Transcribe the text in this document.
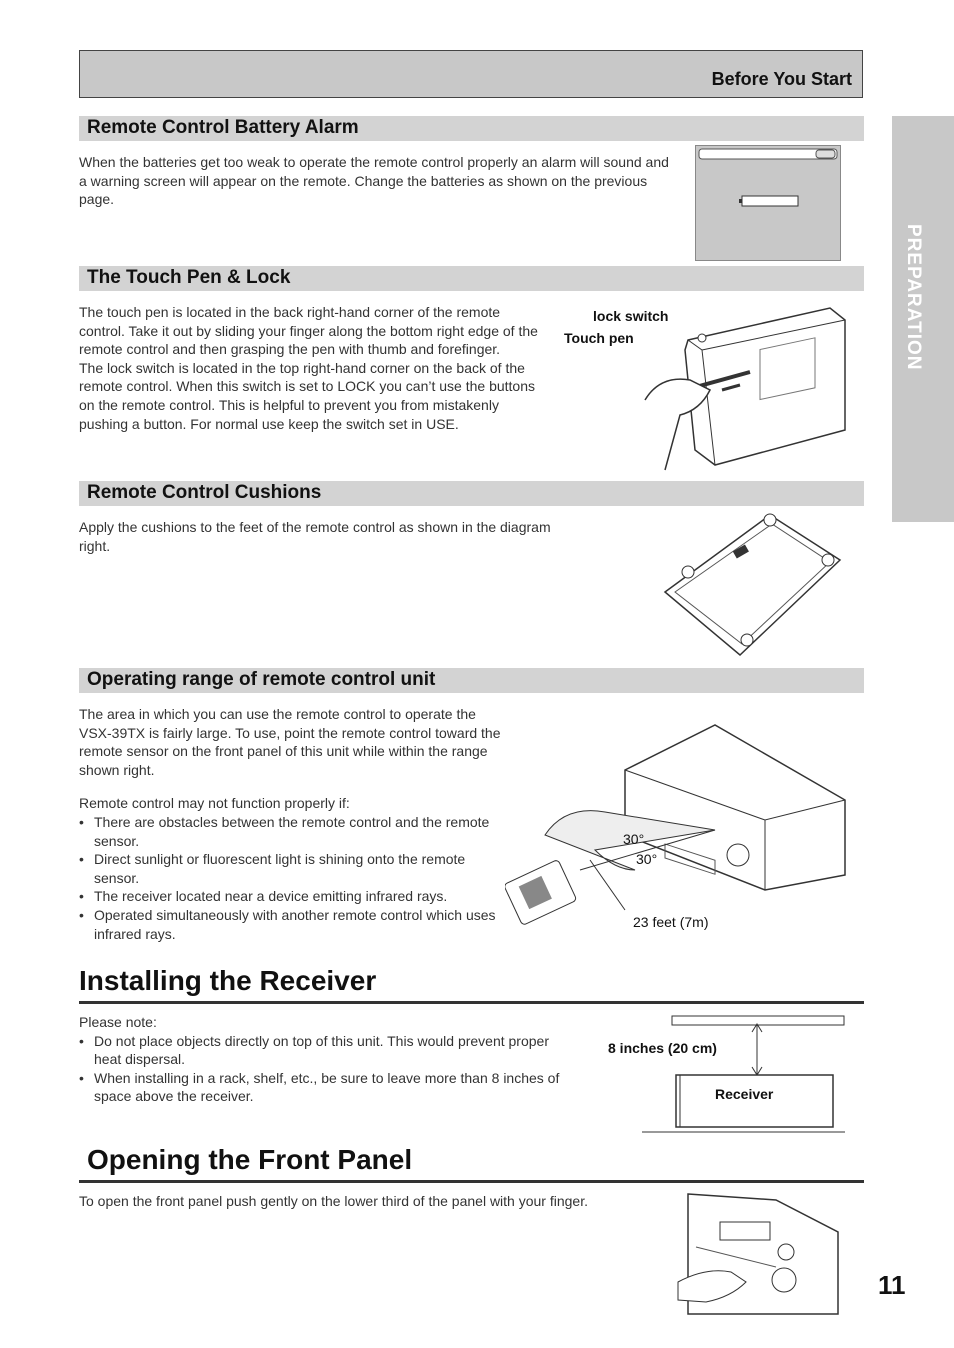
Before You Start
PREPARATION
Remote Control Battery Alarm

When the batteries get too weak to operate the remote control properly an alarm will sound and a warning screen will appear on the remote. Change the batteries as shown on the previous page.

The Touch Pen & Lock

The touch pen is located in the back right-hand corner of the remote control. Take it out by sliding your finger along the bottom right edge of the remote control and then grasping the pen with thumb and forefinger.

The lock switch is located in the top right-hand corner on the back of the remote control. When this switch is set to LOCK you can’t use the buttons on the remote control. This is helpful to prevent you from mistakenly pushing a button. For normal use keep the switch set in USE.

lock switch
Touch pen
Remote Control Cushions

Apply the cushions to the feet of the remote control as shown in the diagram right.

Operating range of remote control unit

The area in which you can use the remote control to operate the VSX-39TX is fairly large. To use, point the remote control toward the remote sensor on the front panel of this unit while within the range shown right.

Remote control may not function properly if:

• There are obstacles between the remote control and the remote sensor.
• Direct sunlight or fluorescent light is shining onto the remote sensor.
• The receiver located near a device emitting infrared rays.
• Operated simultaneously with another remote control which uses infrared rays.
30°
30°
23 feet (7m)
Installing the Receiver

Please note:

• Do not place objects directly on top of this unit. This would prevent proper heat dispersal.
• When installing in a rack, shelf, etc., be sure to leave more than 8 inches of space above the receiver.
8 inches (20 cm)
Receiver
Opening the Front Panel

To open the front panel push gently on the lower third of the panel with your finger.

11
